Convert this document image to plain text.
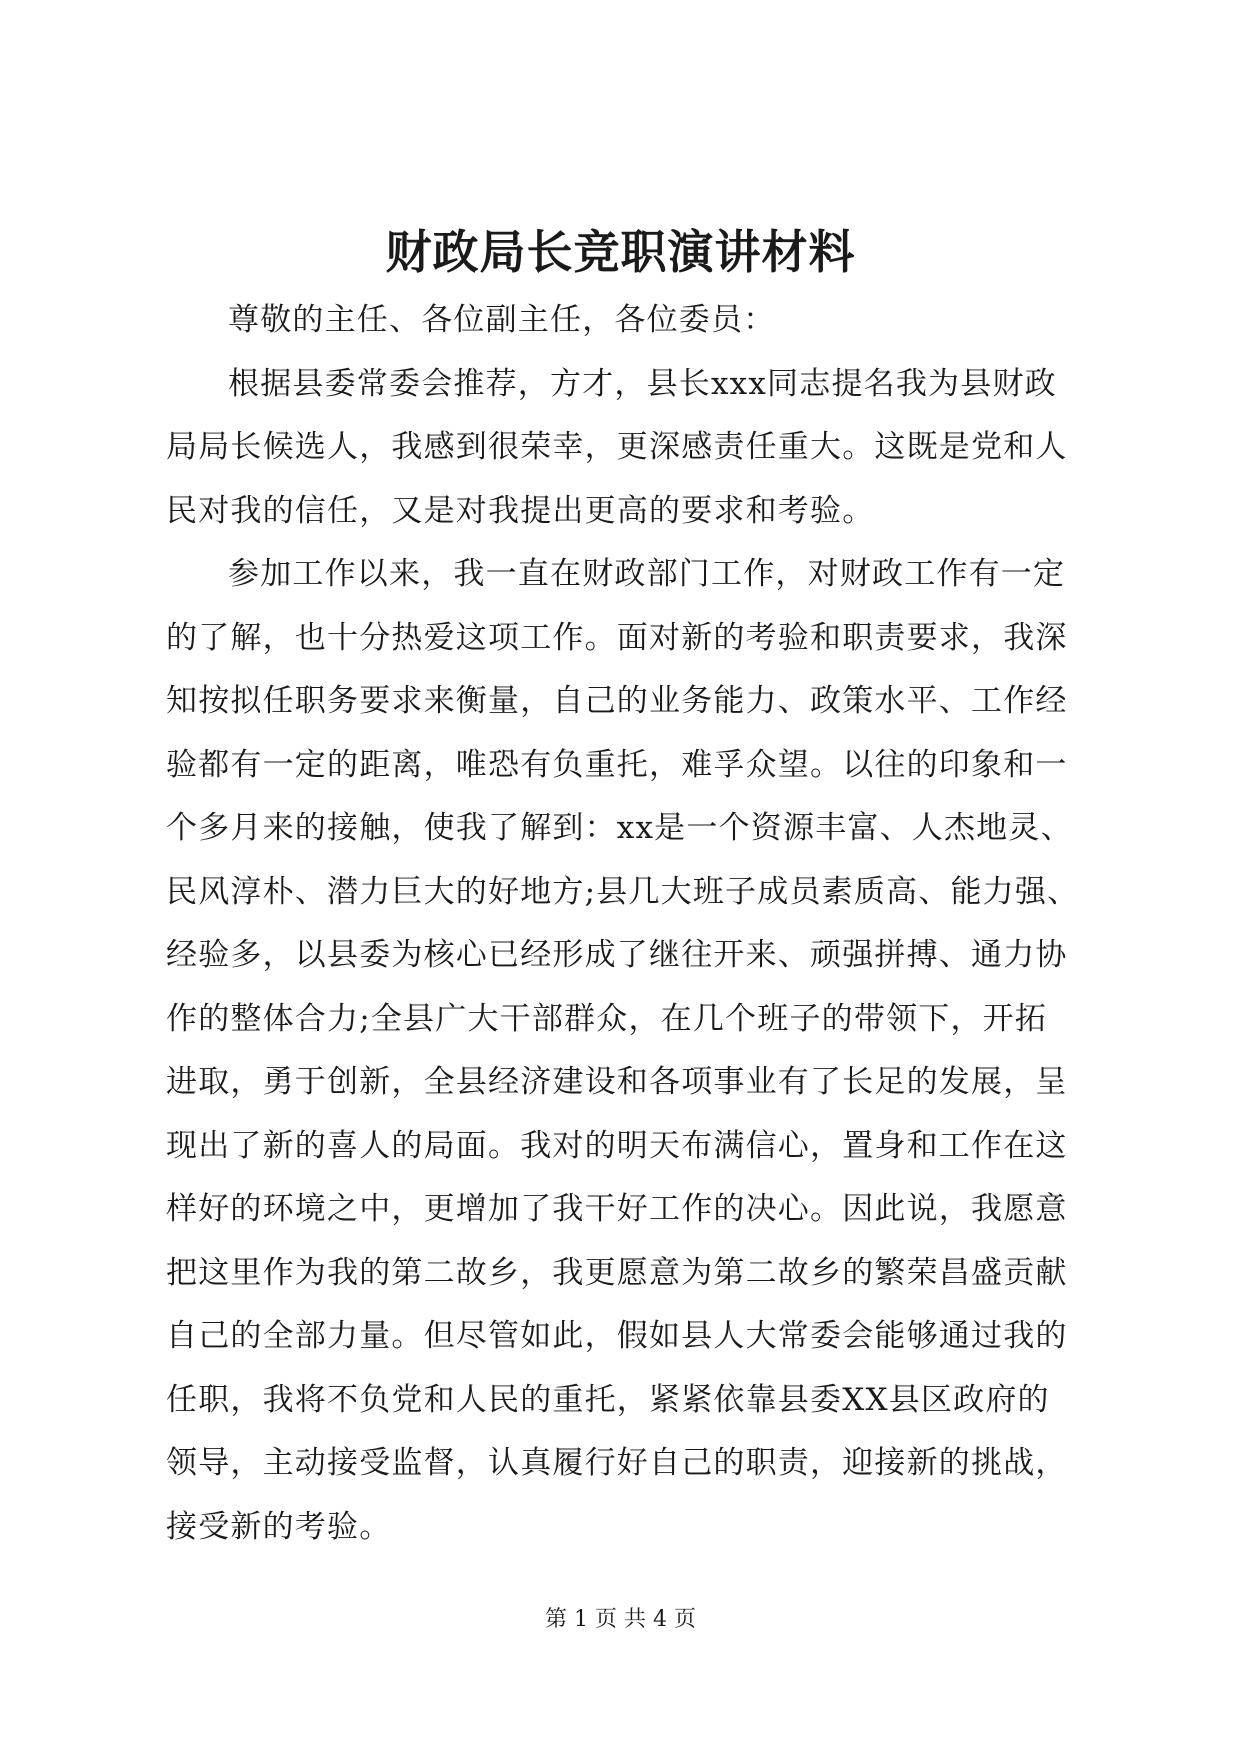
财政局长竞职演讲材料
尊敬的主任、各位副主任，各位委员：
根据县委常委会推荐，方才，县长xxx同志提名我为县财政
局局长候选人，我感到很荣幸，更深感责任重大。这既是党和人
民对我的信任，又是对我提出更高的要求和考验。
参加工作以来，我一直在财政部门工作，对财政工作有一定
的了解，也十分热爱这项工作。面对新的考验和职责要求，我深
知按拟任职务要求来衡量，自己的业务能力、政策水平、工作经
验都有一定的距离，唯恐有负重托，难孚众望。以往的印象和一
个多月来的接触，使我了解到：xx是一个资源丰富、人杰地灵、
民风淳朴、潜力巨大的好地方;县几大班子成员素质高、能力强、
经验多，以县委为核心已经形成了继往开来、顽强拼搏、通力协
作的整体合力;全县广大干部群众，在几个班子的带领下，开拓
进取，勇于创新，全县经济建设和各项事业有了长足的发展，呈
现出了新的喜人的局面。我对的明天布满信心，置身和工作在这
样好的环境之中，更增加了我干好工作的决心。因此说，我愿意
把这里作为我的第二故乡，我更愿意为第二故乡的繁荣昌盛贡献
自己的全部力量。但尽管如此，假如县人大常委会能够通过我的
任职，我将不负党和人民的重托，紧紧依靠县委XX县区政府的
领导，主动接受监督，认真履行好自己的职责，迎接新的挑战，
接受新的考验。
第 1 页 共 4 页
